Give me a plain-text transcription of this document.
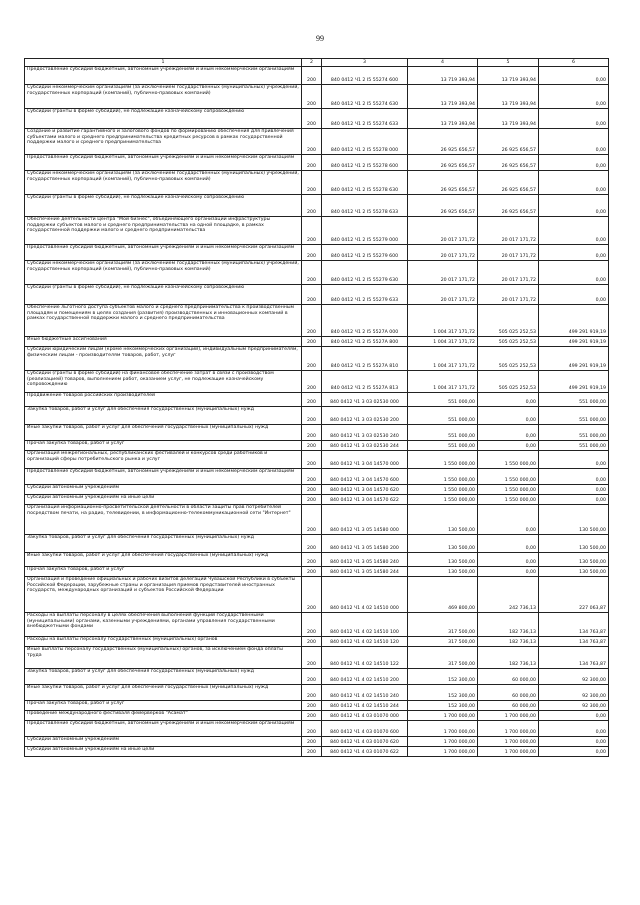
99
1	2	3	4	5	6
Предоставление субсидий бюджетным, автономным учреждениям и иным некоммерческим организациям	200	840 0412 Ч1 2 I5 55274 600	13 719 393,94	13 719 393,94	0,00
Субсидии некоммерческим организациям (за исключением государственных (муниципальных) учреждений, государственных корпораций (компаний), публично-правовых компаний)	200	840 0412 Ч1 2 I5 55274 630	13 719 393,94	13 719 393,94	0,00
Субсидии (гранты в форме субсидий), не подлежащие казначейскому сопровождению	200	840 0412 Ч1 2 I5 55274 633	13 719 393,94	13 719 393,94	0,00
Создание и развитие гарантийного и залогового фондов по формированию обеспечения для привлечения субъектами малого и среднего предпринимательства кредитных ресурсов в рамках государственной поддержки малого и среднего предпринимательства	200	840 0412 Ч1 2 I5 55278 000	26 925 656,57	26 925 656,57	0,00
Предоставление субсидий бюджетным, автономным учреждениям и иным некоммерческим организациям	200	840 0412 Ч1 2 I5 55278 600	26 925 656,57	26 925 656,57	0,00
Субсидии некоммерческим организациям (за исключением государственных (муниципальных) учреждений, государственных корпораций (компаний), публично-правовых компаний)	200	840 0412 Ч1 2 I5 55278 630	26 925 656,57	26 925 656,57	0,00
Субсидии (гранты в форме субсидий), не подлежащие казначейскому сопровождению	200	840 0412 Ч1 2 I5 55278 633	26 925 656,57	26 925 656,57	0,00
Обеспечение деятельности Центра "Мой бизнес", объединяющего организации инфраструктуры поддержки субъектов малого и среднего предпринимательства на одной площадке, в рамках государственной поддержки малого и среднего предпринимательства	200	840 0412 Ч1 2 I5 55279 000	20 017 171,72	20 017 171,72	0,00
Предоставление субсидий бюджетным, автономным учреждениям и иным некоммерческим организациям	200	840 0412 Ч1 2 I5 55279 600	20 017 171,72	20 017 171,72	0,00
Субсидии некоммерческим организациям (за исключением государственных (муниципальных) учреждений, государственных корпораций (компаний), публично-правовых компаний)	200	840 0412 Ч1 2 I5 55279 630	20 017 171,72	20 017 171,72	0,00
Субсидии (гранты в форме субсидий), не подлежащие казначейскому сопровождению	200	840 0412 Ч1 2 I5 55279 633	20 017 171,72	20 017 171,72	0,00
Обеспечение льготного доступа субъектов малого и среднего предпринимательства к производственным площадям и помещениям в целях создания (развития) производственных и инновационных компаний в рамках государственной поддержки малого и среднего предпринимательства	200	840 0412 Ч1 2 I5 5527А 000	1 004 317 171,72	505 025 252,53	499 291 919,19
Иные бюджетные ассигнования	200	840 0412 Ч1 2 I5 5527А 800	1 004 317 171,72	505 025 252,53	499 291 919,19
Субсидии юридическим лицам (кроме некоммерческих организаций), индивидуальным предпринимателям, физическим лицам - производителям товаров, работ, услуг	200	840 0412 Ч1 2 I5 5527А 810	1 004 317 171,72	505 025 252,53	499 291 919,19
Субсидии (гранты в форме субсидий) на финансовое обеспечение затрат в связи с производством (реализацией) товаров, выполнением работ, оказанием услуг, не подлежащие казначейскому сопровождению	200	840 0412 Ч1 2 I5 5527А 813	1 004 317 171,72	505 025 252,53	499 291 919,19
Продвижение товаров российских производителей	200	840 0412 Ч1 3 03 02530 000	551 000,00	0,00	551 000,00
Закупка товаров, работ и услуг для обеспечения государственных (муниципальных) нужд	200	840 0412 Ч1 3 03 02530 200	551 000,00	0,00	551 000,00
Иные закупки товаров, работ и услуг для обеспечения государственных (муниципальных) нужд	200	840 0412 Ч1 3 03 02530 240	551 000,00	0,00	551 000,00
Прочая закупка товаров, работ и услуг	200	840 0412 Ч1 3 03 02530 244	551 000,00	0,00	551 000,00
Организация межрегиональных, республиканских фестивалей и конкурсов среди работников и организаций сферы потребительского рынка и услуг	200	840 0412 Ч1 3 04 14570 000	1 550 000,00	1 550 000,00	0,00
Предоставление субсидий бюджетным, автономным учреждениям и иным некоммерческим организациям	200	840 0412 Ч1 3 04 14570 600	1 550 000,00	1 550 000,00	0,00
Субсидии автономным учреждениям	200	840 0412 Ч1 3 04 14570 620	1 550 000,00	1 550 000,00	0,00
Субсидии автономным учреждениям на иные цели	200	840 0412 Ч1 3 04 14570 622	1 550 000,00	1 550 000,00	0,00
Организация информационно-просветительской деятельности в области защиты прав потребителей посредством печати, на радио, телевидении, в информационно-телекоммуникационной сети "Интернет"	200	840 0412 Ч1 3 05 14580 000	130 500,00	0,00	130 500,00
Закупка товаров, работ и услуг для обеспечения государственных (муниципальных) нужд	200	840 0412 Ч1 3 05 14580 200	130 500,00	0,00	130 500,00
Иные закупки товаров, работ и услуг для обеспечения государственных (муниципальных) нужд	200	840 0412 Ч1 3 05 14580 240	130 500,00	0,00	130 500,00
Прочая закупка товаров, работ и услуг	200	840 0412 Ч1 3 05 14580 244	130 500,00	0,00	130 500,00
Организация и проведение официальных и рабочих визитов делегаций Чувашской Республики в субъекты Российской Федерации, зарубежные страны и организация приемов представителей иностранных государств, международных организаций и субъектов Российской Федерации	200	840 0412 Ч1 4 02 14510 000	469 800,00	242 736,13	227 063,87
Расходы на выплаты персоналу в целях обеспечения выполнения функций государственными (муниципальными) органами, казенными учреждениями, органами управления государственными внебюджетными фондами	200	840 0412 Ч1 4 02 14510 100	317 500,00	182 736,13	134 763,87
Расходы на выплаты персоналу государственных (муниципальных) органов	200	840 0412 Ч1 4 02 14510 120	317 500,00	182 736,13	134 763,87
Иные выплаты персоналу государственных (муниципальных) органов, за исключением фонда оплаты труда	200	840 0412 Ч1 4 02 14510 122	317 500,00	182 736,13	134 763,87
Закупка товаров, работ и услуг для обеспечения государственных (муниципальных) нужд	200	840 0412 Ч1 4 02 14510 200	152 300,00	60 000,00	92 300,00
Иные закупки товаров, работ и услуг для обеспечения государственных (муниципальных) нужд	200	840 0412 Ч1 4 02 14510 240	152 300,00	60 000,00	92 300,00
Прочая закупка товаров, работ и услуг	200	840 0412 Ч1 4 02 14510 244	152 300,00	60 000,00	92 300,00
Проведение международного фестиваля фейерверков "Асамат"	200	840 0412 Ч1 4 03 01070 000	1 700 000,00	1 700 000,00	0,00
Предоставление субсидий бюджетным, автономным учреждениям и иным некоммерческим организациям	200	840 0412 Ч1 4 03 01070 600	1 700 000,00	1 700 000,00	0,00
Субсидии автономным учреждениям	200	840 0412 Ч1 4 03 01070 620	1 700 000,00	1 700 000,00	0,00
Субсидии автономным учреждениям на иные цели	200	840 0412 Ч1 4 03 01070 622	1 700 000,00	1 700 000,00	0,00
